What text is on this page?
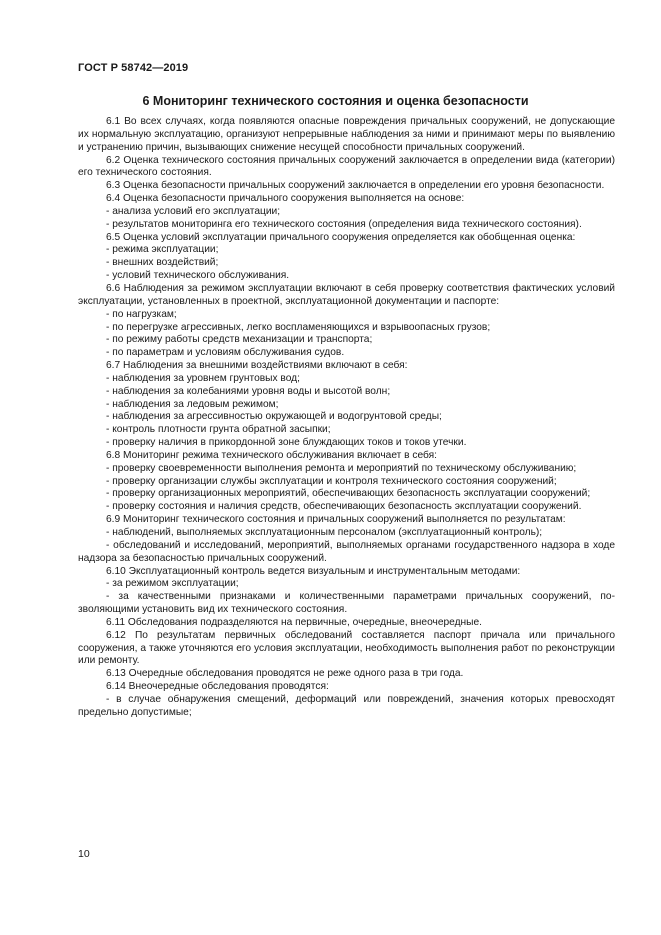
ГОСТ Р 58742—2019
6 Мониторинг технического состояния и оценка безопасности

6.1 Во всех случаях, когда появляются опасные повреждения причальных сооружений, не допускающие их нормальную эксплуатацию, организуют непрерывные наблюдения за ними и принимают меры по выявлению и устранению причин, вызывающих снижение несущей способности причальных сооружений.

6.2 Оценка технического состояния причальных сооружений заключается в определении вида (категории) его технического состояния.

6.3 Оценка безопасности причальных сооружений заключается в определении его уровня безопасности.

6.4 Оценка безопасности причального сооружения выполняется на основе:

- анализа условий его эксплуатации;

- результатов мониторинга его технического состояния (определения вида технического состояния).

6.5 Оценка условий эксплуатации причального сооружения определяется как обобщенная оценка:

- режима эксплуатации;

- внешних воздействий;

- условий технического обслуживания.

6.6 Наблюдения за режимом эксплуатации включают в себя проверку соответствия фактических условий эксплуатации, установленных в проектной, эксплуатационной документации и паспорте:

- по нагрузкам;

- по перегрузке агрессивных, легко воспламеняющихся и взрывоопасных грузов;

- по режиму работы средств механизации и транспорта;

- по параметрам и условиям обслуживания судов.

6.7 Наблюдения за внешними воздействиями включают в себя:

- наблюдения за уровнем грунтовых вод;

- наблюдения за колебаниями уровня воды и высотой волн;

- наблюдения за ледовым режимом;

- наблюдения за агрессивностью окружающей и водогрунтовой среды;

- контроль плотности грунта обратной засыпки;

- проверку наличия в прикордонной зоне блуждающих токов и токов утечки.

6.8 Мониторинг режима технического обслуживания включает в себя:

- проверку своевременности выполнения ремонта и мероприятий по техническому обслуживанию;

- проверку организации службы эксплуатации и контроля технического состояния сооружений;

- проверку организационных мероприятий, обеспечивающих безопасность эксплуатации сооружений;

- проверку состояния и наличия средств, обеспечивающих безопасность эксплуатации сооружений.

6.9 Мониторинг технического состояния и причальных сооружений выполняется по результатам:

- наблюдений, выполняемых эксплуатационным персоналом (эксплуатационный контроль);

- обследований и исследований, мероприятий, выполняемых органами государственного надзора в ходе надзора за безопасностью причальных сооружений.

6.10 Эксплуатационный контроль ведется визуальным и инструментальным методами:

- за режимом эксплуатации;

- за качественными признаками и количественными параметрами причальных сооружений, позволяющими установить вид их технического состояния.

6.11 Обследования подразделяются на первичные, очередные, внеочередные.

6.12 По результатам первичных обследований составляется паспорт причала или причального сооружения, а также уточняются его условия эксплуатации, необходимость выполнения работ по реконструкции или ремонту.

6.13 Очередные обследования проводятся не реже одного раза в три года.

6.14 Внеочередные обследования проводятся:

- в случае обнаружения смещений, деформаций или повреждений, значения которых превосходят предельно допустимые;

10
